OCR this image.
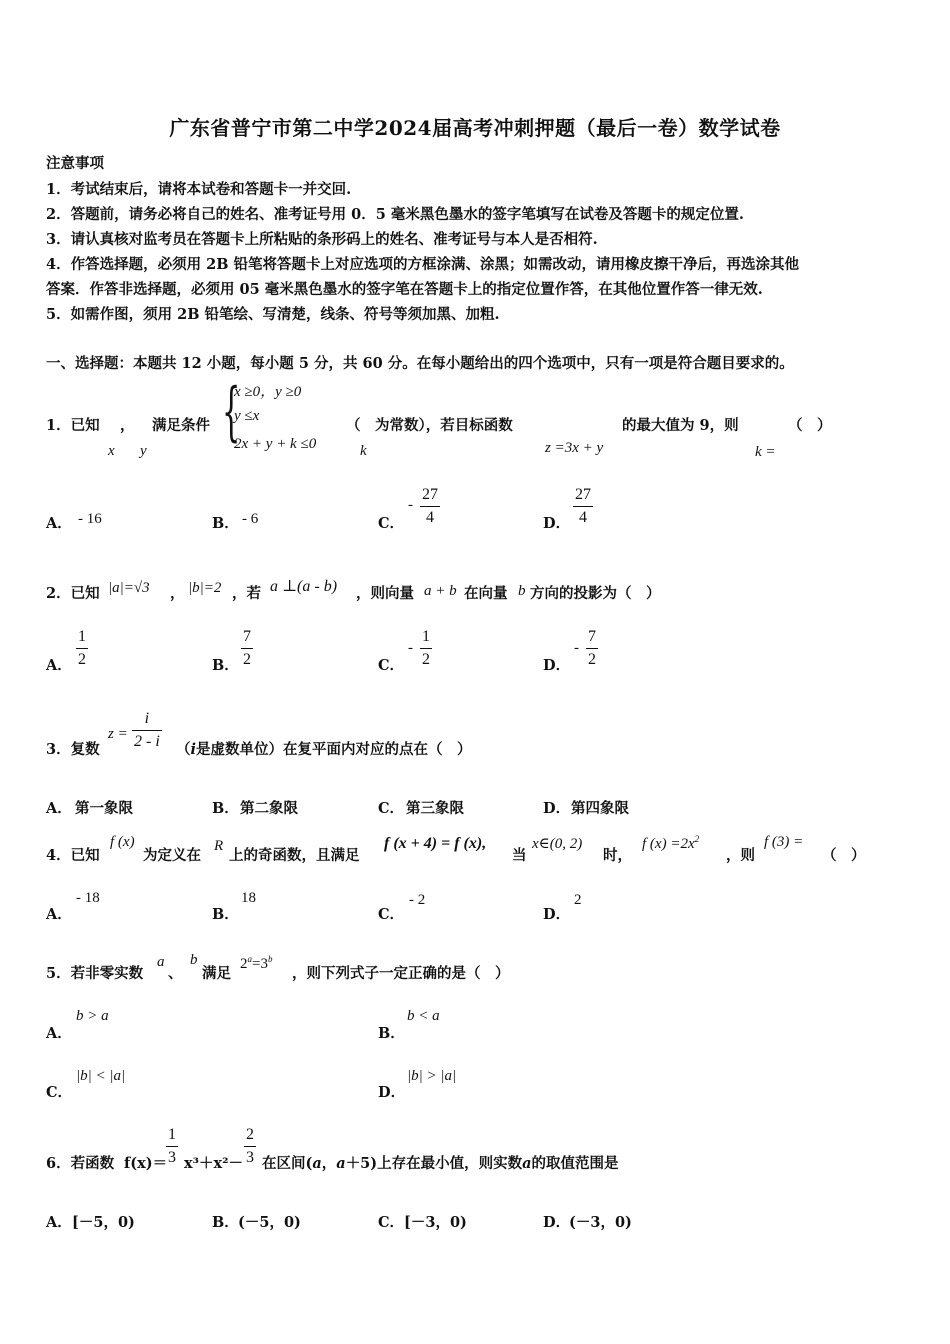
广东省普宁市第二中学2024届高考冲刺押题（最后一卷）数学试卷
注意事项
1．考试结束后，请将本试卷和答题卡一并交回.
2．答题前，请务必将自己的姓名、准考证号用 0．5 毫米黑色墨水的签字笔填写在试卷及答题卡的规定位置.
3．请认真核对监考员在答题卡上所粘贴的条形码上的姓名、准考证号与本人是否相符.
4．作答选择题，必须用 2B 铅笔将答题卡上对应选项的方框涂满、涂黑；如需改动，请用橡皮擦干净后，再选涂其他
答案．作答非选择题，必须用 05 毫米黑色墨水的签字笔在答题卡上的指定位置作答，在其他位置作答一律无效.
5．如需作图，须用 2B 铅笔绘、写清楚，线条、符号等须加黑、加粗.
一、选择题：本题共 12 小题，每小题 5 分，共 60 分。在每小题给出的四个选项中，只有一项是符合题目要求的。
1．已知 ， 满足条件
x y
{
x ≥0，y ≥0
y ≤x
2x + y + k ≤0
（　为常数），若目标函数
k	z =3x + y
的最大值为 9，则
k =
（　）
A． - 16	B． - 6	C．
-
27
4	D．
27
4
2．已知 |a|=√3 ， |b|=2 ，若 a ⊥(a - b) ，则向量 a + b 在向量 b 方向的投影为（　）
A．
1
2	B．
7
2	C．
-
1
2	D．
-
7
2
3．复数
z =
i
2 - i （i是虚数单位）在复平面内对应的点在（　）
A． 第一象限	B． 第二象限	C． 第三象限	D． 第四象限
4．已知
f (x)
为定义在
R
上的奇函数，且满足
f (x + 4) = f (x),
当
x∈(0, 2)
时，
f $(x) =2x^2$
，则
f (3) =
（　）
A．
- 18
B．
18
C．
- 2
D．
2
5．若非零实数
a
、
b
满足
$2^a=3^b$
，则下列式子一定正确的是（　）
A．
b > a
B．
b < a
C．
|b| < |a|
D．
|b| > |a|
6．若函数 f(x)＝
1
3 x³＋x²－
2
3 在区间(a，a＋5)上存在最小值，则实数a的取值范围是
A． [－5，0)	B． (－5，0)	C． [－3，0)	D．
(－3，0)
